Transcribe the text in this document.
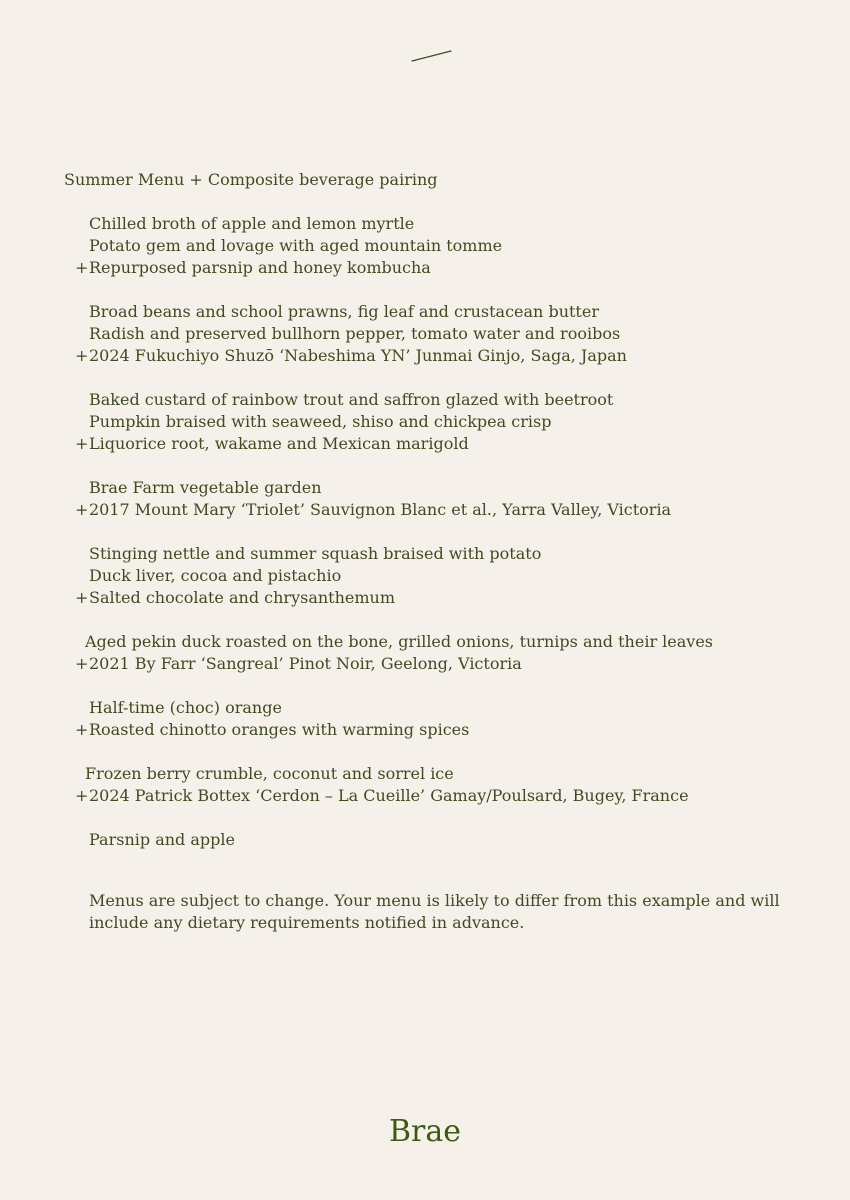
Summer Menu + Composite beverage pairing
Chilled broth of apple and lemon myrtle
Potato gem and lovage with aged mountain tomme
+ Repurposed parsnip and honey kombucha
Broad beans and school prawns, fig leaf and crustacean butter
Radish and preserved bullhorn pepper, tomato water and rooibos
+ 2024 Fukuchiyo Shuzō ‘Nabeshima YN’ Junmai Ginjo, Saga, Japan
Baked custard of rainbow trout and saffron glazed with beetroot
Pumpkin braised with seaweed, shiso and chickpea crisp
+ Liquorice root, wakame and Mexican marigold
Brae Farm vegetable garden
+ 2017 Mount Mary ‘Triolet’ Sauvignon Blanc et al., Yarra Valley, Victoria
Stinging nettle and summer squash braised with potato
Duck liver, cocoa and pistachio
+ Salted chocolate and chrysanthemum
Aged pekin duck roasted on the bone, grilled onions, turnips and their leaves
+ 2021 By Farr ‘Sangreal’ Pinot Noir, Geelong, Victoria
Half-time (choc) orange
+ Roasted chinotto oranges with warming spices
Frozen berry crumble, coconut and sorrel ice
+ 2024 Patrick Bottex ‘Cerdon – La Cueille’ Gamay/Poulsard, Bugey, France
Parsnip and apple
Menus are subject to change. Your menu is likely to differ from this example and will include any dietary requirements notified in advance.
Brae
